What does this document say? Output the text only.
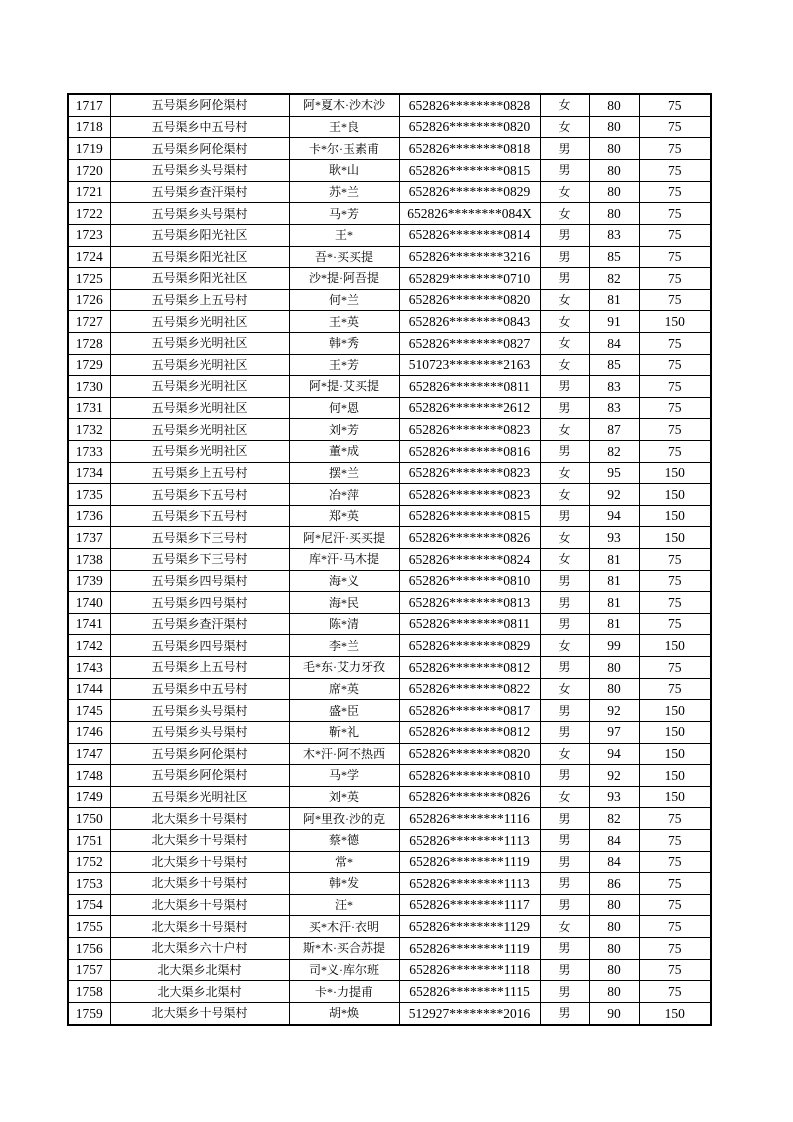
1717	五号渠乡阿伦渠村	阿*夏木·沙木沙	652826********0828	女	80	75
1718	五号渠乡中五号村	王*良	652826********0820	女	80	75
1719	五号渠乡阿伦渠村	卡*尔·玉素甫	652826********0818	男	80	75
1720	五号渠乡头号渠村	耿*山	652826********0815	男	80	75
1721	五号渠乡查汗渠村	苏*兰	652826********0829	女	80	75
1722	五号渠乡头号渠村	马*芳	652826********084X	女	80	75
1723	五号渠乡阳光社区	王*	652826********0814	男	83	75
1724	五号渠乡阳光社区	吾*·买买提	652826********3216	男	85	75
1725	五号渠乡阳光社区	沙*提·阿吾提	652829********0710	男	82	75
1726	五号渠乡上五号村	何*兰	652826********0820	女	81	75
1727	五号渠乡光明社区	王*英	652826********0843	女	91	150
1728	五号渠乡光明社区	韩*秀	652826********0827	女	84	75
1729	五号渠乡光明社区	王*芳	510723********2163	女	85	75
1730	五号渠乡光明社区	阿*提·艾买提	652826********0811	男	83	75
1731	五号渠乡光明社区	何*恩	652826********2612	男	83	75
1732	五号渠乡光明社区	刘*芳	652826********0823	女	87	75
1733	五号渠乡光明社区	董*成	652826********0816	男	82	75
1734	五号渠乡上五号村	摆*兰	652826********0823	女	95	150
1735	五号渠乡下五号村	冶*萍	652826********0823	女	92	150
1736	五号渠乡下五号村	郑*英	652826********0815	男	94	150
1737	五号渠乡下三号村	阿*尼汗·买买提	652826********0826	女	93	150
1738	五号渠乡下三号村	库*汗·马木提	652826********0824	女	81	75
1739	五号渠乡四号渠村	海*义	652826********0810	男	81	75
1740	五号渠乡四号渠村	海*民	652826********0813	男	81	75
1741	五号渠乡查汗渠村	陈*清	652826********0811	男	81	75
1742	五号渠乡四号渠村	李*兰	652826********0829	女	99	150
1743	五号渠乡上五号村	毛*东·艾力牙孜	652826********0812	男	80	75
1744	五号渠乡中五号村	席*英	652826********0822	女	80	75
1745	五号渠乡头号渠村	盛*臣	652826********0817	男	92	150
1746	五号渠乡头号渠村	靳*礼	652826********0812	男	97	150
1747	五号渠乡阿伦渠村	木*汗·阿不热西	652826********0820	女	94	150
1748	五号渠乡阿伦渠村	马*学	652826********0810	男	92	150
1749	五号渠乡光明社区	刘*英	652826********0826	女	93	150
1750	北大渠乡十号渠村	阿*里孜·沙的克	652826********1116	男	82	75
1751	北大渠乡十号渠村	蔡*德	652826********1113	男	84	75
1752	北大渠乡十号渠村	常*	652826********1119	男	84	75
1753	北大渠乡十号渠村	韩*发	652826********1113	男	86	75
1754	北大渠乡十号渠村	汪*	652826********1117	男	80	75
1755	北大渠乡十号渠村	买*木汗·衣明	652826********1129	女	80	75
1756	北大渠乡六十户村	斯*木·买合苏提	652826********1119	男	80	75
1757	北大渠乡北渠村	司*义·库尔班	652826********1118	男	80	75
1758	北大渠乡北渠村	卡*·力提甫	652826********1115	男	80	75
1759	北大渠乡十号渠村	胡*焕	512927********2016	男	90	150
